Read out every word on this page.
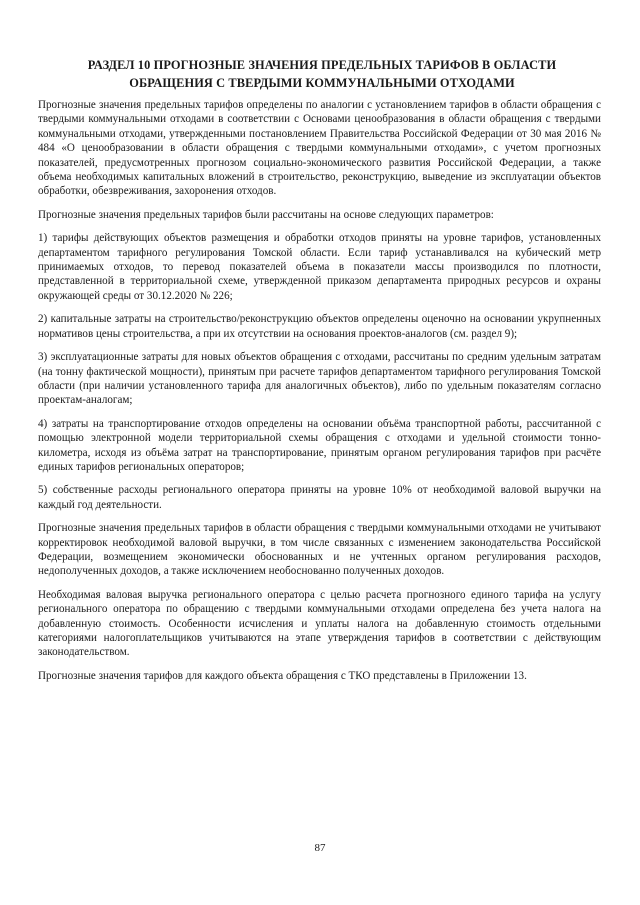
РАЗДЕЛ 10 ПРОГНОЗНЫЕ ЗНАЧЕНИЯ ПРЕДЕЛЬНЫХ ТАРИФОВ В ОБЛАСТИ
ОБРАЩЕНИЯ С ТВЕРДЫМИ КОММУНАЛЬНЫМИ ОТХОДАМИ

Прогнозные значения предельных тарифов определены по аналогии с установлением тарифов в области обращения с твердыми коммунальными отходами в соответствии с Основами ценообразования в области обращения с твердыми коммунальными отходами, утвержденными постановлением Правительства Российской Федерации от 30 мая 2016 № 484 «О ценообразовании в области обращения с твердыми коммунальными отходами», с учетом прогнозных показателей, предусмотренных прогнозом социально-экономического развития Российской Федерации, а также объема необходимых капитальных вложений в строительство, реконструкцию, выведение из эксплуатации объектов обработки, обезвреживания, захоронения отходов.

Прогнозные значения предельных тарифов были рассчитаны на основе следующих параметров:

1) тарифы действующих объектов размещения и обработки отходов приняты на уровне тарифов, установленных департаментом тарифного регулирования Томской области. Если тариф устанавливался на кубический метр принимаемых отходов, то перевод показателей объема в показатели массы производился по плотности, представленной в территориальной схеме, утвержденной приказом департамента природных ресурсов и охраны окружающей среды от 30.12.2020 № 226;

2) капитальные затраты на строительство/реконструкцию объектов определены оценочно на основании укрупненных нормативов цены строительства, а при их отсутствии на основания проектов-аналогов (см. раздел 9);

3) эксплуатационные затраты для новых объектов обращения с отходами, рассчитаны по средним удельным затратам (на тонну фактической мощности), принятым при расчете тарифов департаментом тарифного регулирования Томской области (при наличии установленного тарифа для аналогичных объектов), либо по удельным показателям согласно проектам-аналогам;

4) затраты на транспортирование отходов определены на основании объёма транспортной работы, рассчитанной с помощью электронной модели территориальной схемы обращения с отходами и удельной стоимости тонно-километра, исходя из объёма затрат на транспортирование, принятым органом регулирования тарифов при расчёте единых тарифов региональных операторов;

5) собственные расходы регионального оператора приняты на уровне 10% от необходимой валовой выручки на каждый год деятельности.

Прогнозные значения предельных тарифов в области обращения с твердыми коммунальными отходами не учитывают корректировок необходимой валовой выручки, в том числе связанных с изменением законодательства Российской Федерации, возмещением экономически обоснованных и не учтенных органом регулирования расходов, недополученных доходов, а также исключением необоснованно полученных доходов.

Необходимая валовая выручка регионального оператора с целью расчета прогнозного единого тарифа на услугу регионального оператора по обращению с твердыми коммунальными отходами определена без учета налога на добавленную стоимость. Особенности исчисления и уплаты налога на добавленную стоимость отдельными категориями налогоплательщиков учитываются на этапе утверждения тарифов в соответствии с действующим законодательством.

Прогнозные значения тарифов для каждого объекта обращения с ТКО представлены в Приложении 13.

87
